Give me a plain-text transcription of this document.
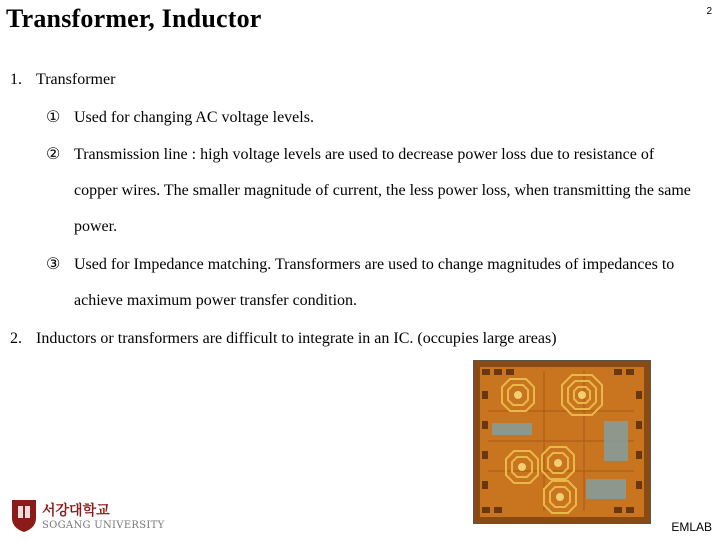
Transformer, Inductor	2
1. Transformer
① Used for changing AC voltage levels.
② Transmission line : high voltage levels are used to decrease power loss due to resistance of copper wires. The smaller magnitude of current, the less power loss, when transmitting the same power.
③ Used for Impedance matching. Transformers are used to change magnitudes of impedances to achieve maximum power transfer condition.
2. Inductors or transformers are difficult to integrate in an IC. (occupies large areas)
서강대학교
SOGANG UNIVERSITY	EMLAB
